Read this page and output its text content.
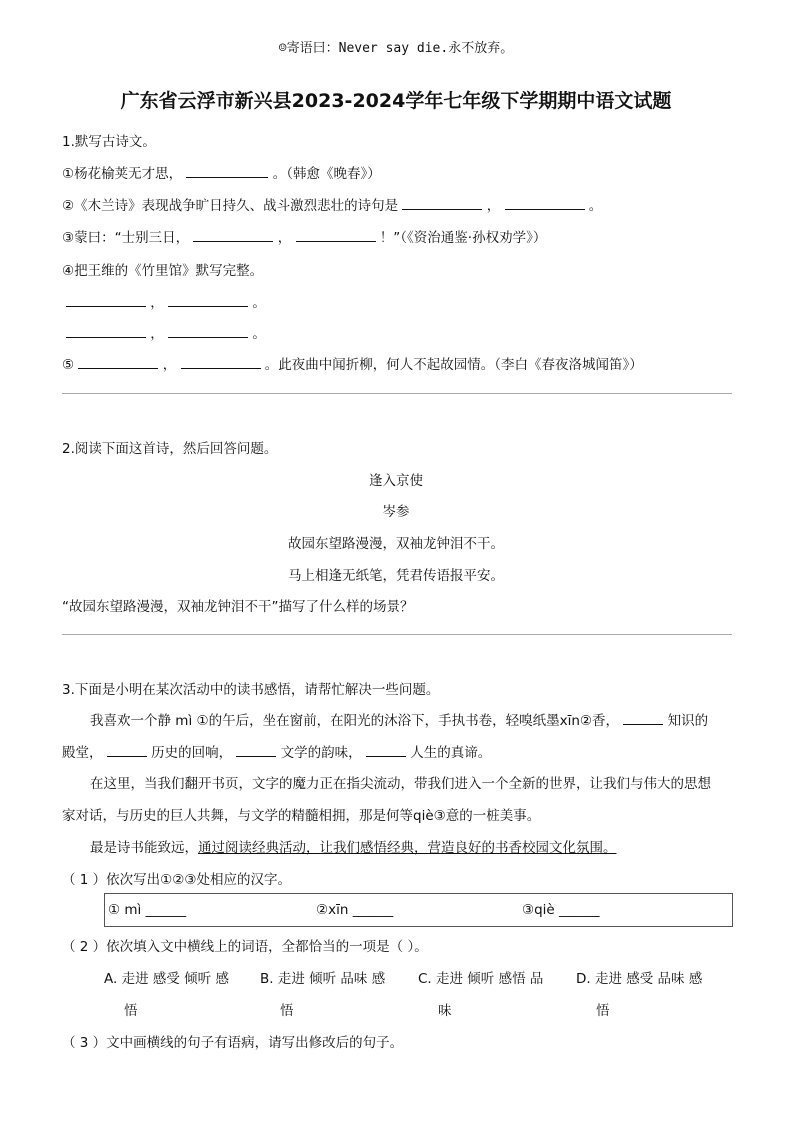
☺寄语曰：Never say die.永不放弃。
广东省云浮市新兴县2023-2024学年七年级下学期期中语文试题
1.默写古诗文。
①杨花榆荚无才思，	。（韩愈《晚春》）
②《木兰诗》表现战争旷日持久、战斗激烈悲壮的诗句是	，	。
③蒙曰：“士别三日，	，	！”（《资治通鉴·孙权劝学》）
④把王维的《竹里馆》默写完整。
，	。
，	。
⑤	，	。此夜曲中闻折柳，何人不起故园情。（李白《春夜洛城闻笛》）
2.阅读下面这首诗，然后回答问题。
逢入京使
岑参
故园东望路漫漫，双袖龙钟泪不干。
马上相逢无纸笔，凭君传语报平安。
“故园东望路漫漫，双袖龙钟泪不干”描写了什么样的场景？
3.下面是小明在某次活动中的读书感悟，请帮忙解决一些问题。
我喜欢一个静 mì ①的午后，坐在窗前，在阳光的沐浴下，手执书卷，轻嗅纸墨xīn②香，	知识的
殿堂，	历史的回响，	文学的韵味，	人生的真谛。
在这里，当我们翻开书页，文字的魔力正在指尖流动，带我们进入一个全新的世界，让我们与伟大的思想
家对话，与历史的巨人共舞，与文学的精髓相拥，那是何等qiè③意的一桩美事。
最是诗书能致远，通过阅读经典活动，让我们感悟经典，营造良好的书香校园文化氛围。
（ 1 ）依次写出①②③处相应的汉字。
① mì ______	②xīn ______	③qiè ______
（ 2 ）依次填入文中横线上的词语，全都恰当的一项是（ ）。
A. 走进 感受 倾听 感
悟
B. 走进 倾听 品味 感
悟
C. 走进 倾听 感悟 品
味
D. 走进 感受 品味 感
悟
（ 3 ）文中画横线的句子有语病，请写出修改后的句子。
